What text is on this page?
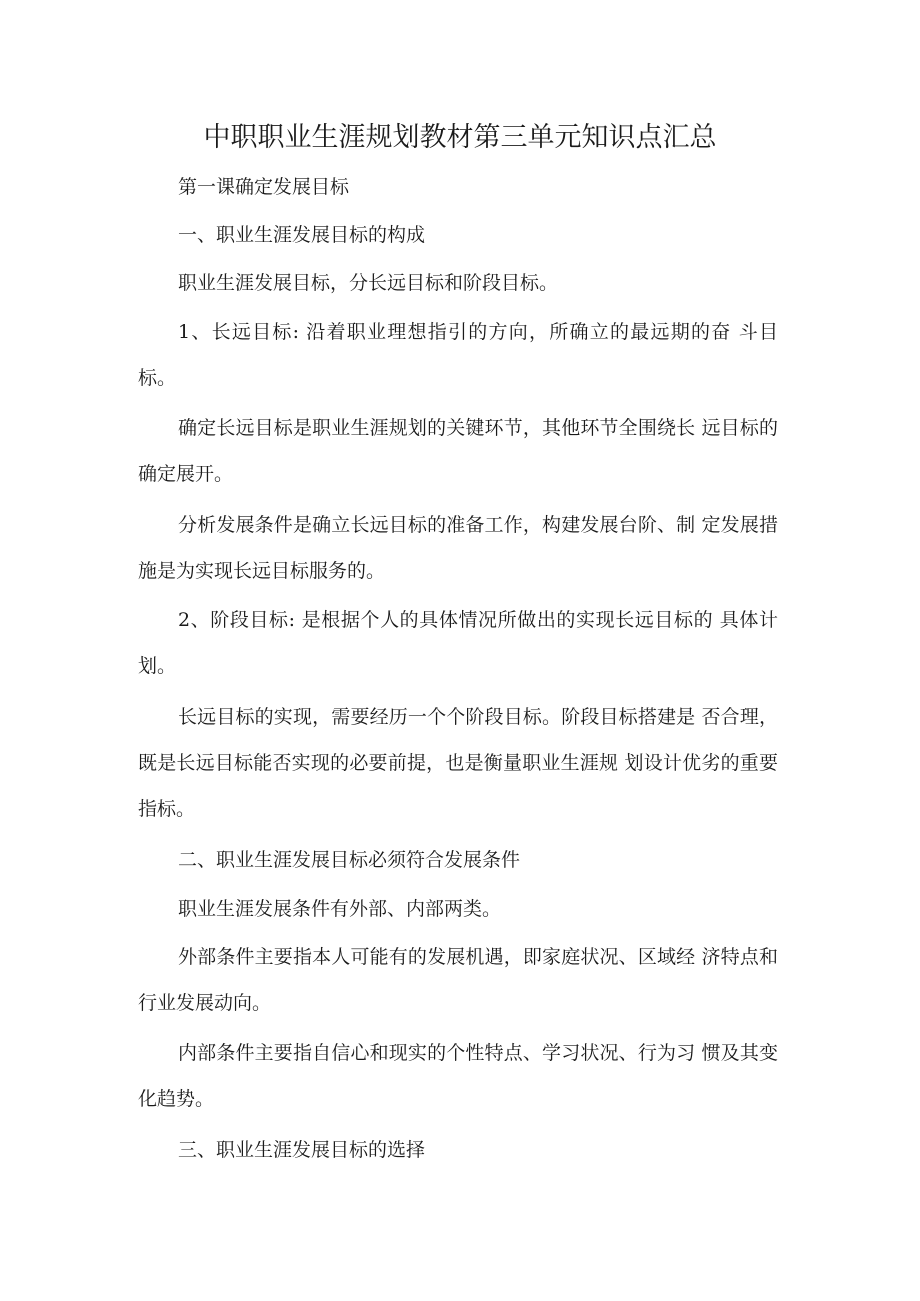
中职职业生涯规划教材第三单元知识点汇总

第一课确定发展目标

一、职业生涯发展目标的构成

职业生涯发展目标，分长远目标和阶段目标。

1、长远目标: 沿着职业理想指引的方向，所确立的最远期的奋 斗目标。

确定长远目标是职业生涯规划的关键环节，其他环节全围绕长 远目标的确定展开。

分析发展条件是确立长远目标的准备工作，构建发展台阶、制 定发展措施是为实现长远目标服务的。

2、阶段目标: 是根据个人的具体情况所做出的实现长远目标的 具体计划。

长远目标的实现，需要经历一个个阶段目标。阶段目标搭建是 否合理，既是长远目标能否实现的必要前提，也是衡量职业生涯规 划设计优劣的重要指标。

二、职业生涯发展目标必须符合发展条件

职业生涯发展条件有外部、内部两类。

外部条件主要指本人可能有的发展机遇，即家庭状况、区域经 济特点和行业发展动向。

内部条件主要指自信心和现实的个性特点、学习状况、行为习 惯及其变化趋势。

三、职业生涯发展目标的选择
